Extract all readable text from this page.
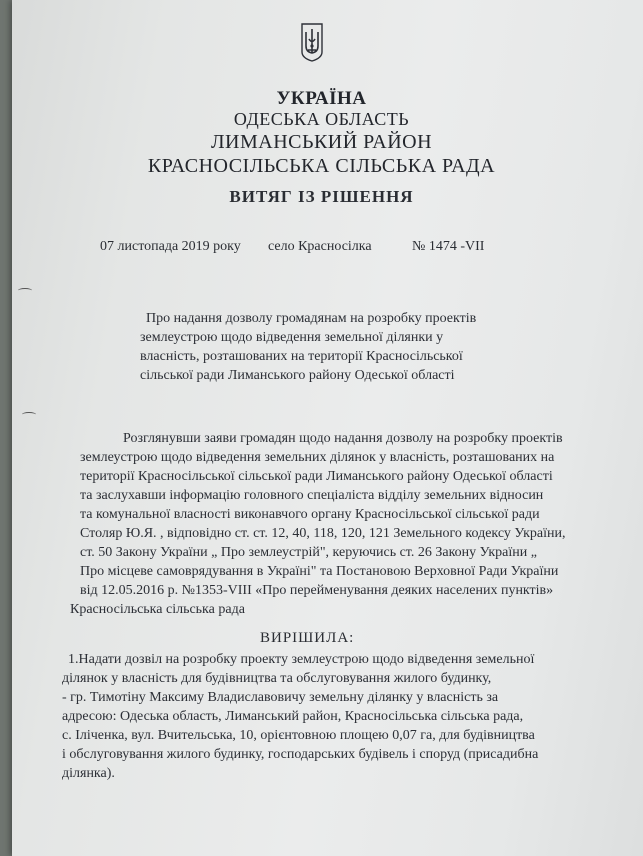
УКРАЇНА
ОДЕСЬКА ОБЛАСТЬ
ЛИМАНСЬКИЙ РАЙОН
КРАСНОСІЛЬСЬКА СІЛЬСЬКА РАДА
ВИТЯГ ІЗ РІШЕННЯ
07 листопада 2019 року село Красносілка	№ 1474 -VII
Про надання дозволу громадянам на розробку проектів
землеустрою щодо відведення земельної ділянки у
власність, розташованих на території Красносільської
сільської ради Лиманського району Одеської області
Розглянувши заяви громадян щодо надання дозволу на розробку проектів
землеустрою щодо відведення земельних ділянок у власність, розташованих на
території Красносільської сільської ради Лиманського району Одеської області
та заслухавши інформацію головного спеціаліста відділу земельних відносин
та комунальної власності виконавчого органу Красносільської сільської ради
Столяр Ю.Я. , відповідно ст. ст. 12, 40, 118, 120, 121 Земельного кодексу України,
ст. 50 Закону України „ Про землеустрій", керуючись ст. 26 Закону України „
Про місцеве самоврядування в Україні" та Постановою Верховної Ради України
від 12.05.2016 р. №1353-VIII «Про перейменування деяких населених пунктів»
Красносільська сільська рада
ВИРІШИЛА:
1.Надати дозвіл на розробку проекту землеустрою щодо відведення земельної
ділянок у власність для будівництва та обслуговування жилого будинку,
- гр. Тимотіну Максиму Владиславовичу земельну ділянку у власність за
адресою: Одеська область, Лиманський район, Красносільська сільська рада,
с. Іліченка, вул. Вчительська, 10, орієнтовною площею 0,07 га, для будівництва
і обслуговування жилого будинку, господарських будівель і споруд (присадибна
ділянка).
